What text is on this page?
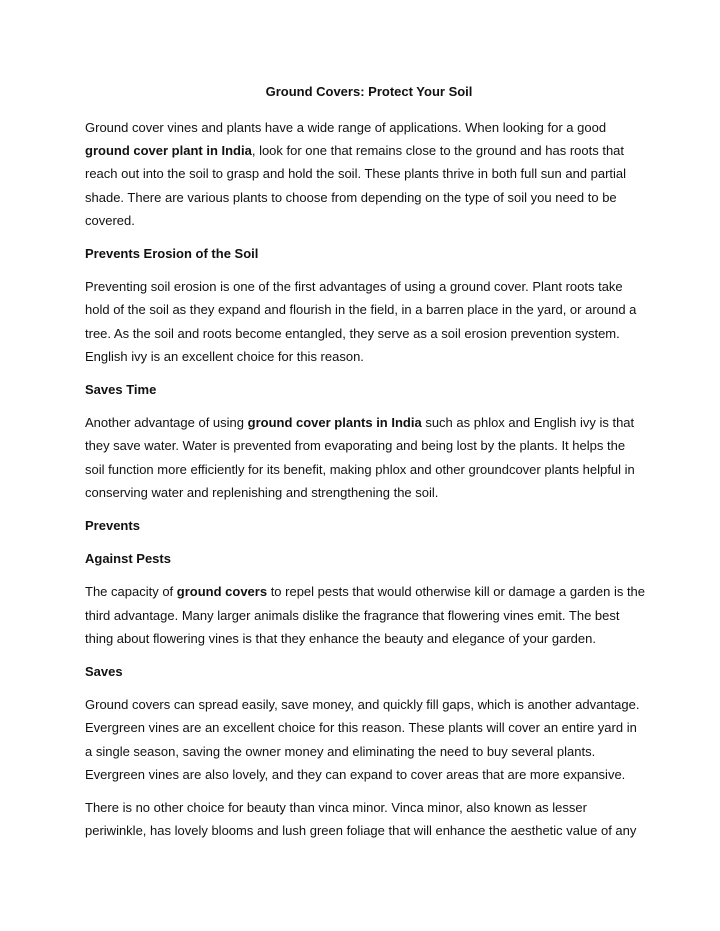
Ground Covers: Protect Your Soil

Ground cover vines and plants have a wide range of applications. When looking for a good ground cover plant in India, look for one that remains close to the ground and has roots that reach out into the soil to grasp and hold the soil. These plants thrive in both full sun and partial shade. There are various plants to choose from depending on the type of soil you need to be covered.

Prevents Erosion of the Soil

Preventing soil erosion is one of the first advantages of using a ground cover. Plant roots take hold of the soil as they expand and flourish in the field, in a barren place in the yard, or around a tree. As the soil and roots become entangled, they serve as a soil erosion prevention system. English ivy is an excellent choice for this reason.

Saves Time

Another advantage of using ground cover plants in India such as phlox and English ivy is that they save water. Water is prevented from evaporating and being lost by the plants. It helps the soil function more efficiently for its benefit, making phlox and other groundcover plants helpful in conserving water and replenishing and strengthening the soil.

Prevents
Against Pests

The capacity of ground covers to repel pests that would otherwise kill or damage a garden is the third advantage. Many larger animals dislike the fragrance that flowering vines emit. The best thing about flowering vines is that they enhance the beauty and elegance of your garden.

Saves

Ground covers can spread easily, save money, and quickly fill gaps, which is another advantage. Evergreen vines are an excellent choice for this reason. These plants will cover an entire yard in a single season, saving the owner money and eliminating the need to buy several plants. Evergreen vines are also lovely, and they can expand to cover areas that are more expansive.

There is no other choice for beauty than vinca minor. Vinca minor, also known as lesser periwinkle, has lovely blooms and lush green foliage that will enhance the aesthetic value of any
